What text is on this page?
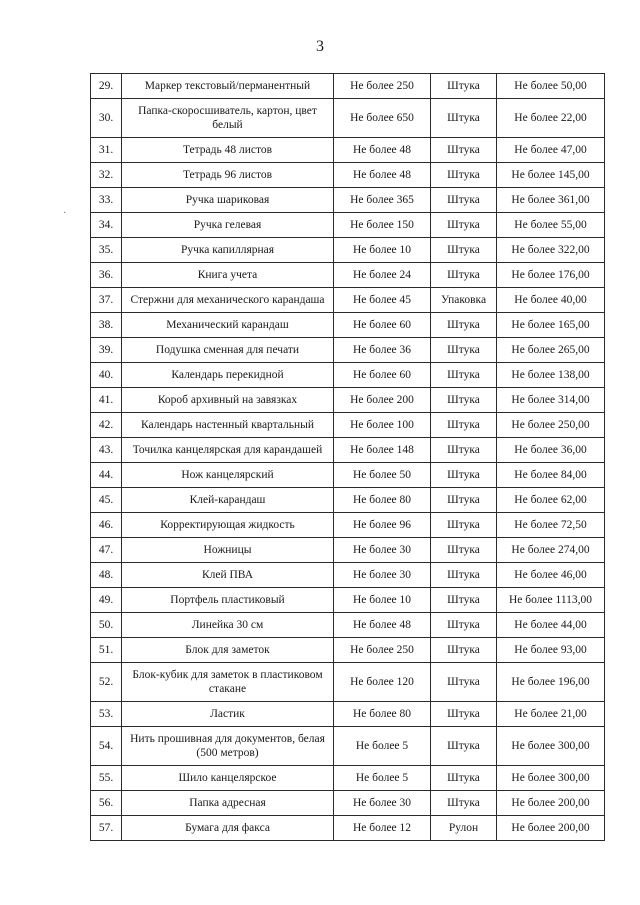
3
·
29.	Маркер текстовый/перманентный	Не более 250	Штука	Не более 50,00
30.	Папка-скоросшиватель, картон, цвет белый	Не более 650	Штука	Не более 22,00
31.	Тетрадь 48 листов	Не более 48	Штука	Не более 47,00
32.	Тетрадь 96 листов	Не более 48	Штука	Не более 145,00
33.	Ручка шариковая	Не более 365	Штука	Не более 361,00
34.	Ручка гелевая	Не более 150	Штука	Не более 55,00
35.	Ручка капиллярная	Не более 10	Штука	Не более 322,00
36.	Книга учета	Не более 24	Штука	Не более 176,00
37.	Стержни для механического карандаша	Не более 45	Упаковка	Не более 40,00
38.	Механический карандаш	Не более 60	Штука	Не более 165,00
39.	Подушка сменная для печати	Не более 36	Штука	Не более 265,00
40.	Календарь перекидной	Не более 60	Штука	Не более 138,00
41.	Короб архивный на завязках	Не более 200	Штука	Не более 314,00
42.	Календарь настенный квартальный	Не более 100	Штука	Не более 250,00
43.	Точилка канцелярская для карандашей	Не более 148	Штука	Не более 36,00
44.	Нож канцелярский	Не более 50	Штука	Не более 84,00
45.	Клей-карандаш	Не более 80	Штука	Не более 62,00
46.	Корректирующая жидкость	Не более 96	Штука	Не более 72,50
47.	Ножницы	Не более 30	Штука	Не более 274,00
48.	Клей ПВА	Не более 30	Штука	Не более 46,00
49.	Портфель пластиковый	Не более 10	Штука	Не более 1113,00
50.	Линейка 30 см	Не более 48	Штука	Не более 44,00
51.	Блок для заметок	Не более 250	Штука	Не более 93,00
52.	Блок-кубик для заметок в пластиковом стакане	Не более 120	Штука	Не более 196,00
53.	Ластик	Не более 80	Штука	Не более 21,00
54.	Нить прошивная для документов, белая (500 метров)	Не более 5	Штука	Не более 300,00
55.	Шило канцелярское	Не более 5	Штука	Не более 300,00
56.	Папка адресная	Не более 30	Штука	Не более 200,00
57.	Бумага для факса	Не более 12	Рулон	Не более 200,00
